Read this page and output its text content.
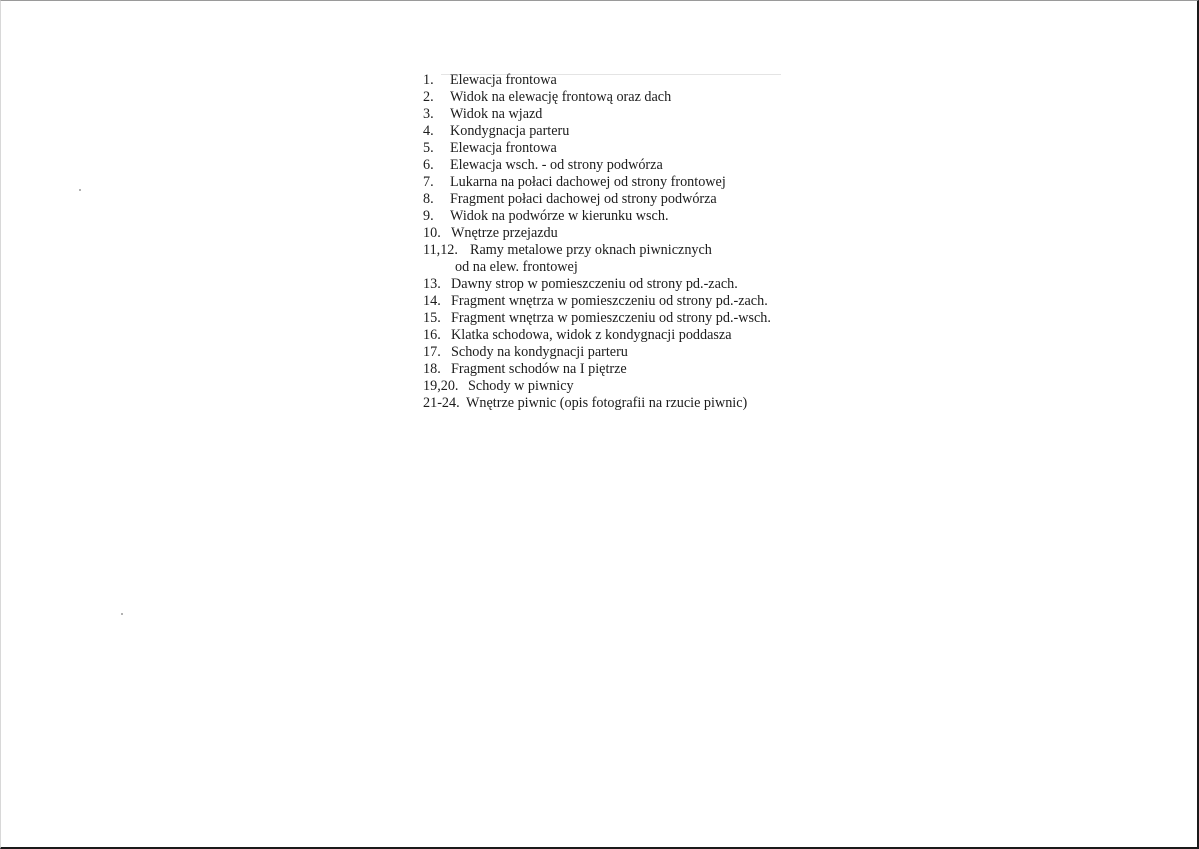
1. Elewacja frontowa
2. Widok na elewację frontową oraz dach
3. Widok na wjazd
4. Kondygnacja parteru
5. Elewacja frontowa
6. Elewacja wsch. - od strony podwórza
7. Lukarna na połaci dachowej od strony frontowej
8. Fragment połaci dachowej od strony podwórza
9. Widok na podwórze w kierunku wsch.
10. Wnętrze przejazdu
11,12. Ramy metalowe przy oknach piwnicznych
od na elew. frontowej
13. Dawny strop w pomieszczeniu od strony pd.-zach.
14. Fragment wnętrza w pomieszczeniu od strony pd.-zach.
15. Fragment wnętrza w pomieszczeniu od strony pd.-wsch.
16. Klatka schodowa, widok z kondygnacji poddasza
17. Schody na kondygnacji parteru
18. Fragment schodów na I piętrze
19,20. Schody w piwnicy
21-24. Wnętrze piwnic (opis fotografii na rzucie piwnic)
